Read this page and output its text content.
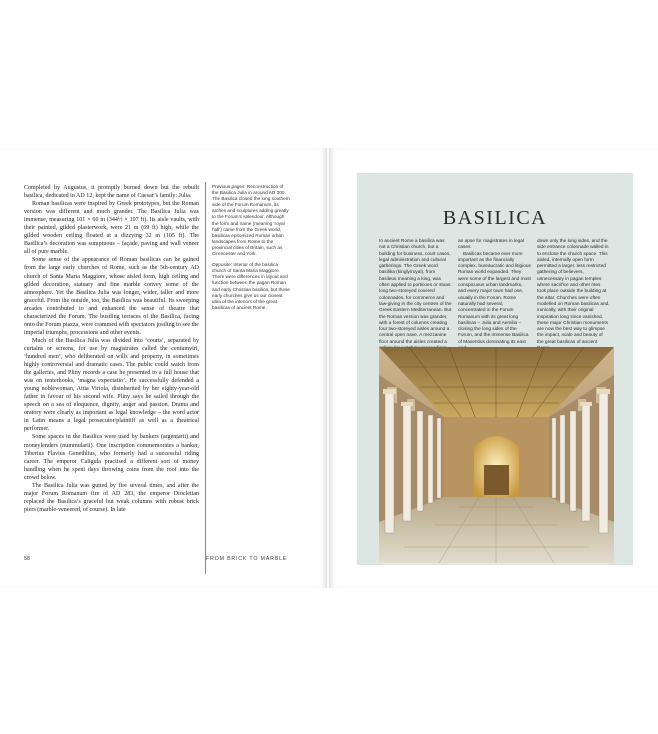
Completed by Augustus, it promptly burned down but the rebuilt basilica, dedicated in AD 12, kept the name of Caesar’s family: Julia.

Roman basilicas were inspired by Greek prototypes, but the Roman version was different and much grander. The Basilica Julia was immense, measuring 101 × 60 m (344½ × 197 ft). Its aisle vaults, with their painted, gilded plasterwork, were 21 m (69 ft) high, while the gilded wooden ceiling floated at a dizzying 32 m (105 ft). The Basilica’s decoration was sumptuous – façade, paving and wall veneer all of pure marble.

Some sense of the appearance of Roman basilicas can be gained from the large early churches of Rome, such as the 5th-century AD church of Santa Maria Maggiore, whose aisled form, high ceiling and gilded decoration, statuary and fine marble convey some of the atmosphere. Yet the Basilica Julia was longer, wider, taller and more graceful. From the outside, too, the Basilica was beautiful. Its sweeping arcades contributed to and enhanced the sense of theatre that characterized the Forum. The bustling terraces of the Basilica, facing onto the Forum piazza, were crammed with spectators jostling to see the imperial triumphs, processions and other events.

Much of the Basilica Julia was divided into ‘courts’, separated by curtains or screens, for use by magistrates called the centumviri, ‘hundred men’, who deliberated on wills and property, in sometimes highly controversial and dramatic cases. The public could watch from the galleries, and Pliny records a case he presented to a full house that was on tenterhooks, ‘magna expectatio’. He successfully defended a young noblewoman, Attia Viriola, disinherited by her eighty-year-old father in favour of his second wife. Pliny says he sailed through the speech on a sea of eloquence, dignity, anger and passion. Drama and oratory were clearly as important as legal knowledge – the word actor in Latin means a legal prosecutor/plaintiff as well as a theatrical performer.

Some spaces in the Basilica were used by bankers (argentarii) and moneylenders (nummularii). One inscription commemorates a banker, Tiberius Flavius Genethlius, who formerly had a successful riding career. The emperor Caligula practised a different sort of money handling when he spent days throwing coins from the roof into the crowd below.

The Basilica Julia was gutted by fire several times, and after the major Forum Romanum fire of AD 283, the emperor Diocletian replaced the Basilica’s graceful but weak columns with robust brick piers (marble-veneered, of course). In late

Previous pages: Reconstruction of the Basilica Julia in around AD 300. The Basilica closed the long southern side of the Forum Romanum, its arches and sculptures adding greatly to the Forum’s splendour. Although the form and name (meaning ‘royal hall’) came from the Greek world, basilicas epitomized Roman urban landscapes from Rome to the provincial cities of Britain, such as Cirencester and York.

Opposite: Interior of the basilica church of Santa Maria Maggiore. There were differences in layout and function between the pagan Roman and early Christian basilica, but these early churches give us our closest idea of the interiors of the great basilicas of ancient Rome.

58	FROM BRICK TO MARBLE
BASILICA

In ancient Rome a basilica was not a Christian church, but a building for business, court cases, legal administration and cultural gatherings. The Greek word basilika (kingly/royal), from basileus meaning a king, was often applied to porticoes or stoas: long two-storeyed covered colonnades, for commerce and law-giving in the city centres of the Greek Eastern Mediterranean. But the Roman version was grander, with a forest of columns creating four two-storeyed aisles around a central open nave. A mezzanine floor around the aisles created a

an apse for magistrates in legal cases.

Basilicas became ever more important as the financially complex, bureaucratic and litigious Roman world expanded. They were some of the largest and most conspicuous urban landmarks, and every major town had one, usually in the Forum. Rome naturally had several, concentrated in the Forum Romanum with its great long basilicas – Julia and Aemilia – closing the long sides of the Forum, and the immense Basilica of Maxentius dominating its east

down only the long sides, and the side entrance colonnade walled in to enclose the church space. This aisled, internally open form permitted a larger, less restricted gathering of believers, unnecessary in pagan temples where sacrifice and other rites took place outside the building at the altar. Churches were often modelled on Roman basilicas and, ironically, with their original inspiration long since vanished, these major Christian monuments are now the best way to glimpse the impact, scale and beauty of the great basilicas of ancient
